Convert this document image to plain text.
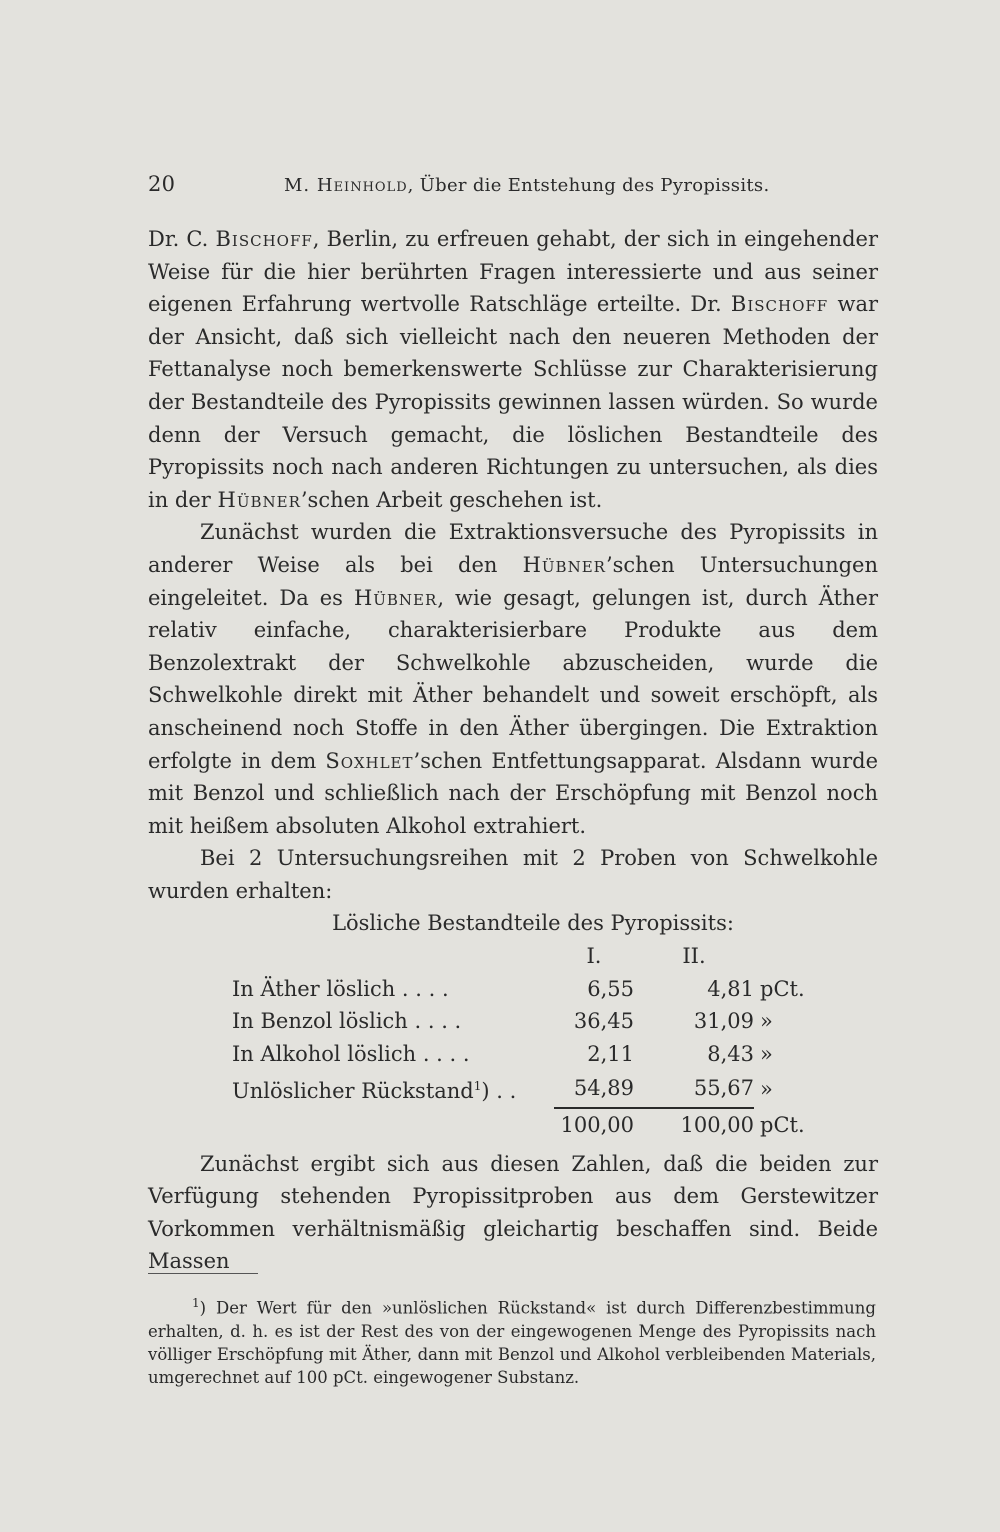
20	M. Heinhold, Über die Entstehung des Pyropissits.

Dr. C. Bischoff, Berlin, zu erfreuen gehabt, der sich in eingehender Weise für die hier berührten Fragen interessierte und aus seiner eigenen Erfahrung wertvolle Ratschläge erteilte. Dr. Bischoff war der Ansicht, daß sich vielleicht nach den neueren Methoden der Fettanalyse noch bemerkenswerte Schlüsse zur Charakterisierung der Bestandteile des Pyropissits gewinnen lassen würden. So wurde denn der Versuch gemacht, die löslichen Bestandteile des Pyropissits noch nach anderen Richtungen zu untersuchen, als dies in der Hübner’schen Arbeit geschehen ist.

Zunächst wurden die Extraktionsversuche des Pyropissits in anderer Weise als bei den Hübner’schen Untersuchungen eingeleitet. Da es Hübner, wie gesagt, gelungen ist, durch Äther relativ einfache, charakterisierbare Produkte aus dem Benzolextrakt der Schwelkohle abzuscheiden, wurde die Schwelkohle direkt mit Äther behandelt und soweit erschöpft, als anscheinend noch Stoffe in den Äther übergingen. Die Extraktion erfolgte in dem Soxhlet’schen Entfettungsapparat. Alsdann wurde mit Benzol und schließlich nach der Erschöpfung mit Benzol noch mit heißem absoluten Alkohol extrahiert.

Bei 2 Untersuchungsreihen mit 2 Proben von Schwelkohle wurden erhalten:

Lösliche Bestandteile des Pyropissits:

	I.	II.	
In Äther löslich . . . .	6,55	4,81	pCt.
In Benzol löslich . . . .	36,45	31,09	»
In Alkohol löslich . . . .	2,11	8,43	»
Unlöslicher Rückstand$^1$) . .	54,89	55,67	»
	100,00	100,00	pCt.

Zunächst ergibt sich aus diesen Zahlen, daß die beiden zur Verfügung stehenden Pyropissitproben aus dem Gerstewitzer Vorkommen verhältnismäßig gleichartig beschaffen sind. Beide Massen

$^1$) Der Wert für den »unlöslichen Rückstand« ist durch Differenzbestimmung erhalten, d. h. es ist der Rest des von der eingewogenen Menge des Pyropissits nach völliger Erschöpfung mit Äther, dann mit Benzol und Alkohol verbleibenden Materials, umgerechnet auf 100 pCt. eingewogener Substanz.
